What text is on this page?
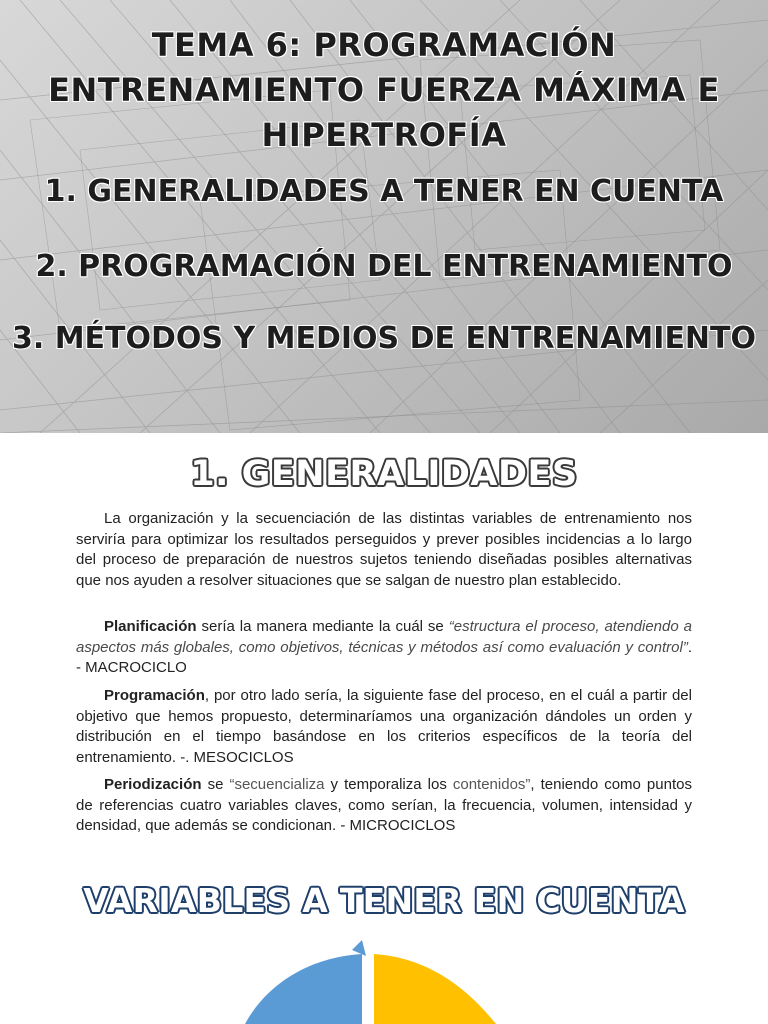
TEMA 6: PROGRAMACIÓN
ENTRENAMIENTO FUERZA MÁXIMA E
HIPERTROFÍA
1. GENERALIDADES A TENER EN CUENTA
2. PROGRAMACIÓN DEL ENTRENAMIENTO
3. MÉTODOS Y MEDIOS DE ENTRENAMIENTO
1. GENERALIDADES

La organización y la secuenciación de las distintas variables de entrenamiento nos serviría para optimizar los resultados perseguidos y prever posibles incidencias a lo largo del proceso de preparación de nuestros sujetos teniendo diseñadas posibles alternativas que nos ayuden a resolver situaciones que se salgan de nuestro plan establecido.

Planificación sería la manera mediante la cuál se “estructura el proceso, atendiendo a aspectos más globales, como objetivos, técnicas y métodos así como evaluación y control”. - MACROCICLO

Programación, por otro lado sería, la siguiente fase del proceso, en el cuál a partir del objetivo que hemos propuesto, determinaríamos una organización dándoles un orden y distribución en el tiempo basándose en los criterios específicos de la teoría del entrenamiento. -. MESOCICLOS

Periodización se “secuencializa y temporaliza los contenidos”, teniendo como puntos de referencias cuatro variables claves, como serían, la frecuencia, volumen, intensidad y densidad, que además se condicionan. - MICROCICLOS

VARIABLES A TENER EN CUENTA
